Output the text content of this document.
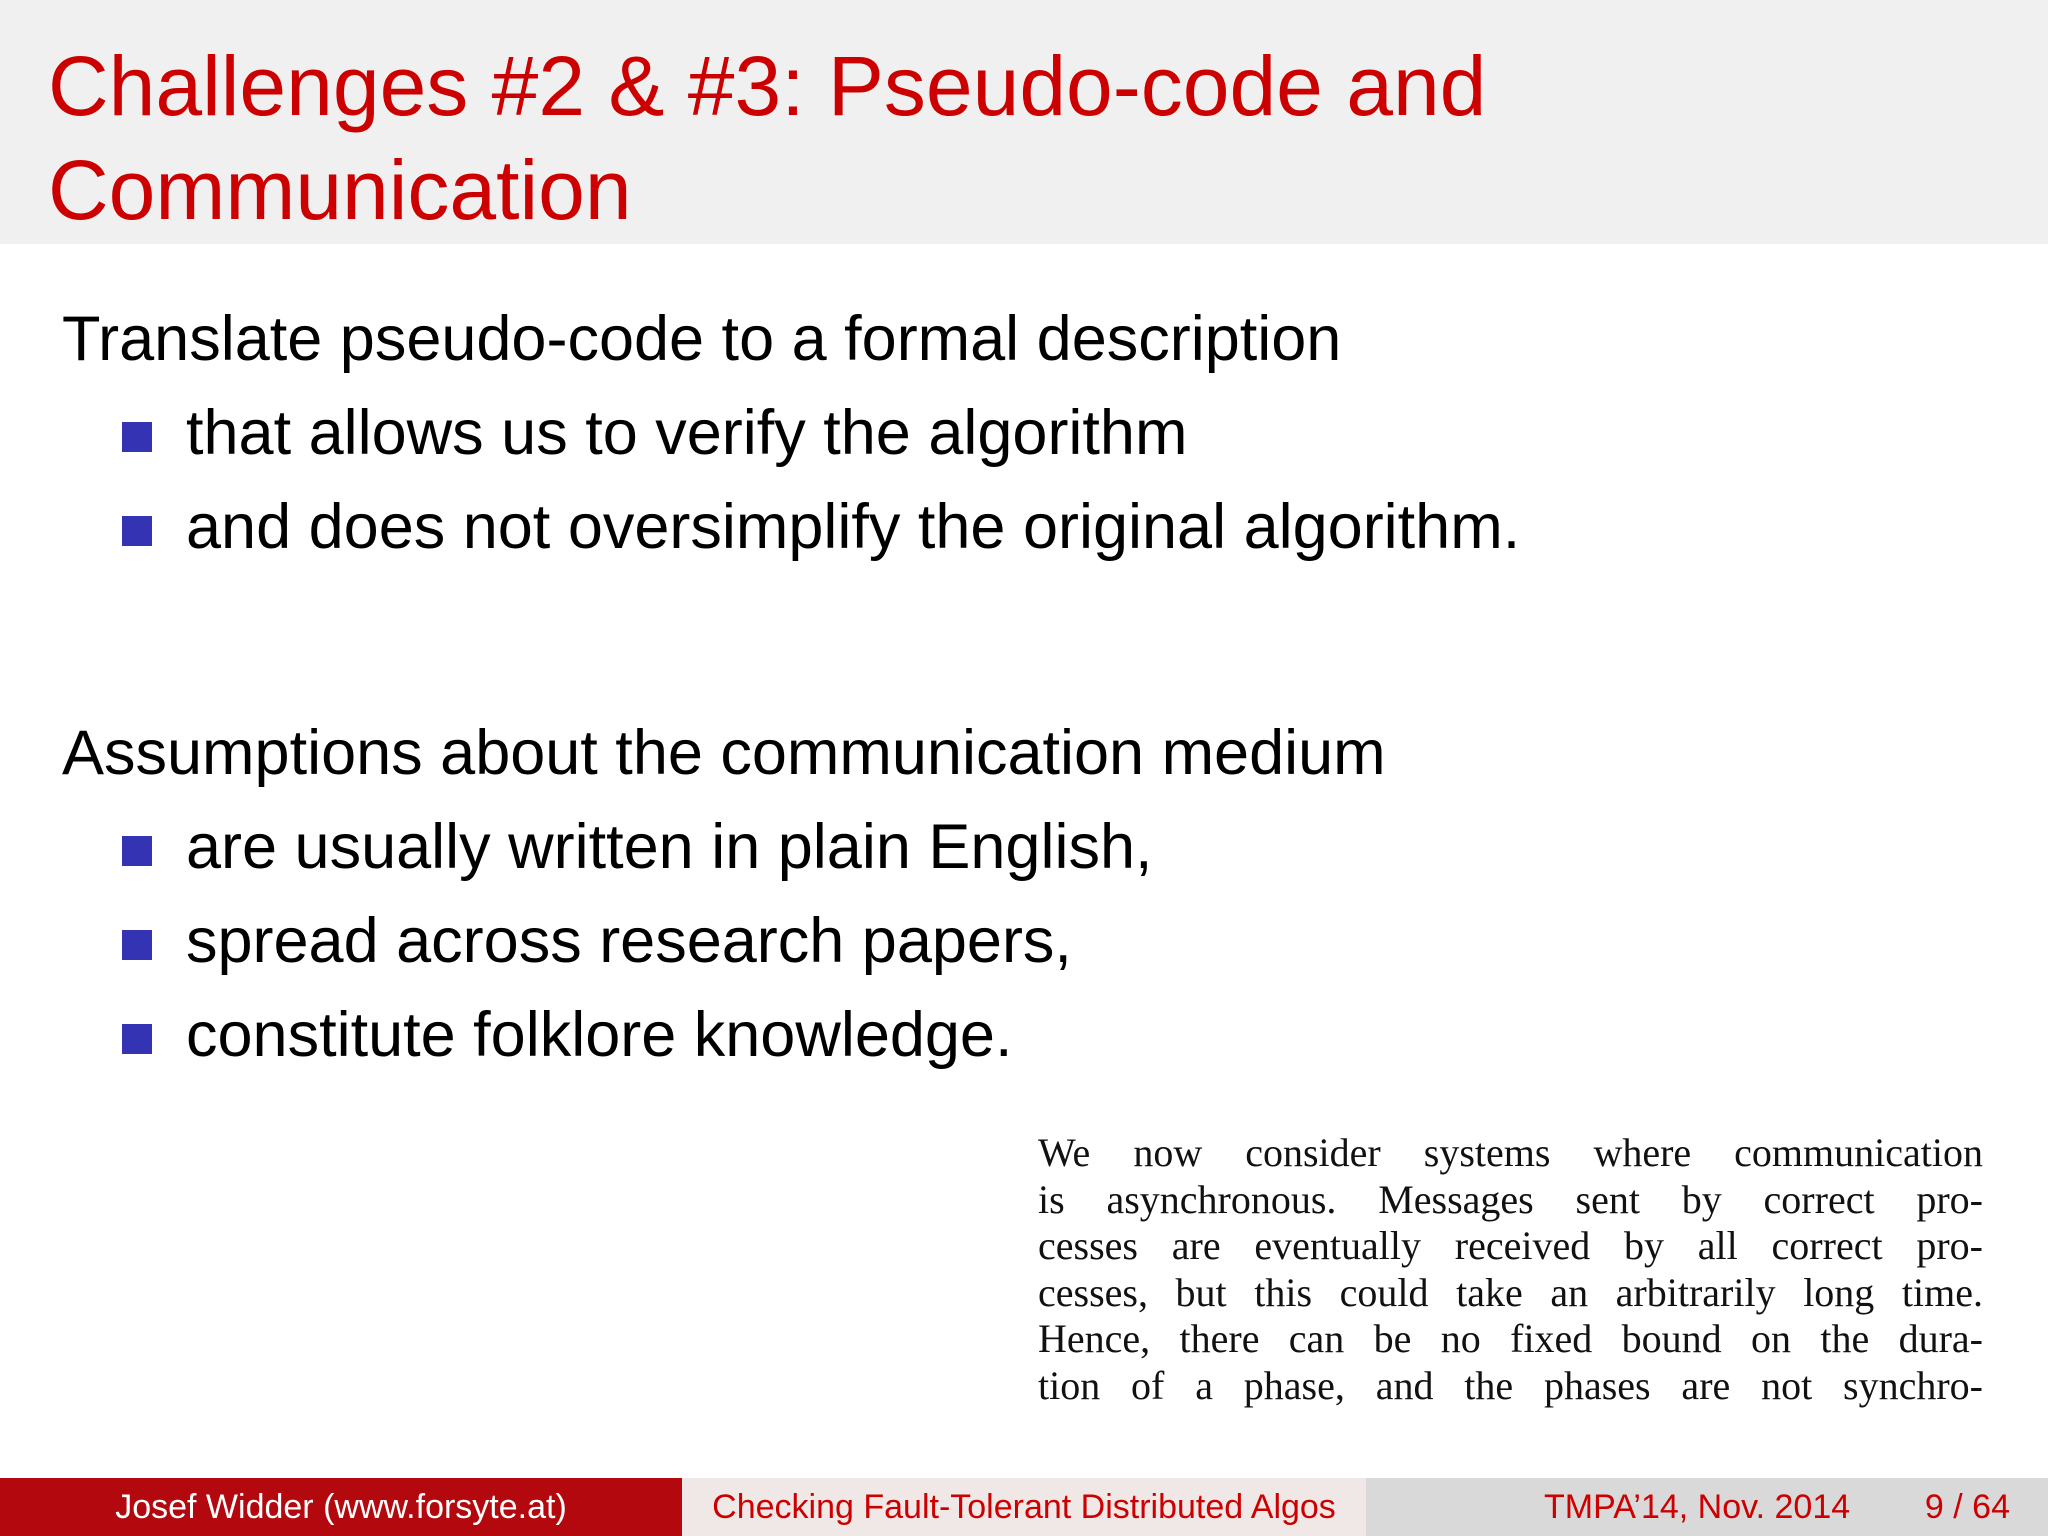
Challenges #2 & #3: Pseudo-code and Communication

Translate pseudo-code to a formal description

that allows us to verify the algorithm
and does not oversimplify the original algorithm.

Assumptions about the communication medium

are usually written in plain English,
spread across research papers,
constitute folklore knowledge.
We now consider systems where communication
is asynchronous. Messages sent by correct pro-
cesses are eventually received by all correct pro-
cesses, but this could take an arbitrarily long time.
Hence, there can be no fixed bound on the dura-
tion of a phase, and the phases are not synchro-
Josef Widder (www.forsyte.at)	Checking Fault-Tolerant Distributed Algos	TMPA’14, Nov. 2014 9 / 64
